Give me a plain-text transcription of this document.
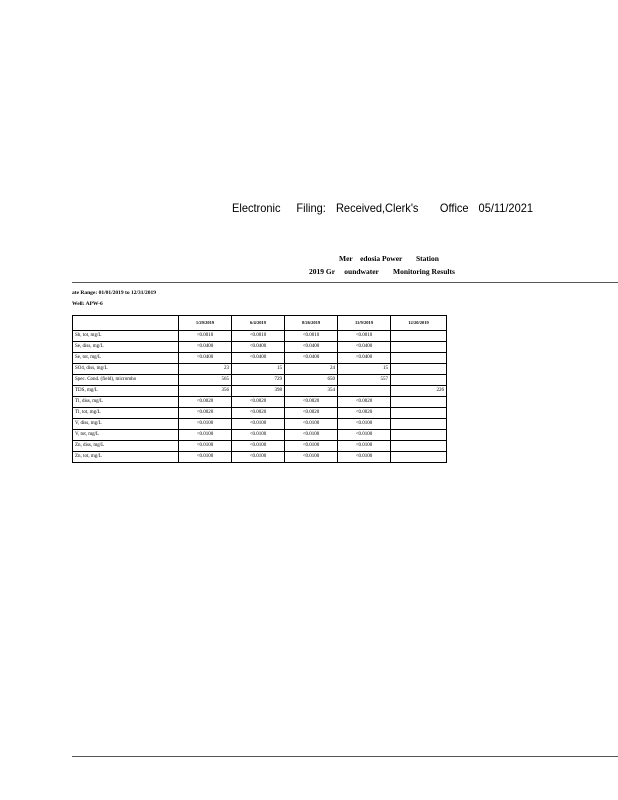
Electronic Filing: Received,Clerk's Office 05/11/2021
Mer    edosia Power Station
2019 Gr     oundwater Monitoring Results
ate Range: 01/01/2019 to 12/31/2019
Well: APW-6
	1/29/2019	6/4/2019	8/26/2019	11/9/2019	12/20/2019
Sb, tot, mg/L	<0.0010	<0.0010	<0.0010	<0.0010	
Se, diss, mg/L	<0.0400	<0.0400	<0.0400	<0.0400	
Se, tot, mg/L	<0.0400	<0.0400	<0.0400	<0.0400	
SO4, diss, mg/L	23	15	24	15	
Spec. Cond. (field), micromho	565	729	650	557	
TDS, mg/L	356	398	354		226
Tl, diss, mg/L	<0.0020	<0.0020	<0.0020	<0.0020	
Tl, tot, mg/L	<0.0020	<0.0020	<0.0020	<0.0020	
V, diss, mg/L	<0.0100	<0.0100	<0.0100	<0.0100	
V, tot, mg/L	<0.0100	<0.0100	<0.0100	<0.0100	
Zn, diss, mg/L	<0.0100	<0.0100	<0.0100	<0.0100	
Zn, tot, mg/L	<0.0100	<0.0100	<0.0100	<0.0100	
